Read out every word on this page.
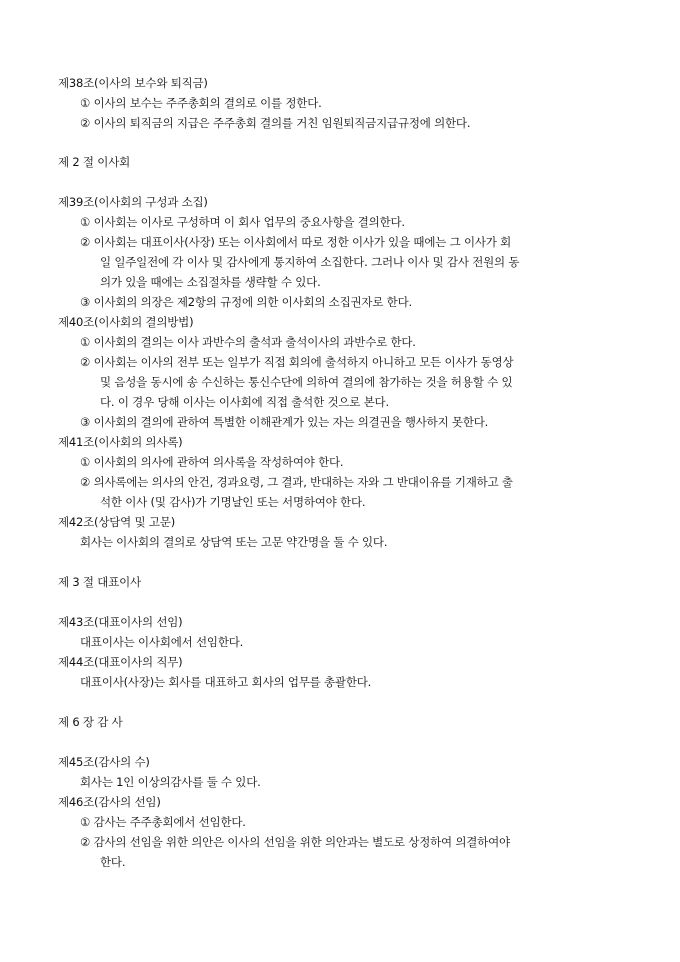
제38조(이사의 보수와 퇴직금)

① 이사의 보수는 주주총회의 결의로 이를 정한다.

② 이사의 퇴직금의 지급은 주주총회 결의를 거친 임원퇴직금지급규정에 의한다.

제 2 절 이사회

제39조(이사회의 구성과 소집)

① 이사회는 이사로 구성하며 이 회사 업무의 중요사항을 결의한다.

② 이사회는 대표이사(사장) 또는 이사회에서 따로 정한 이사가 있을 때에는 그 이사가 회

일 일주일전에 각 이사 및 감사에게 통지하여 소집한다. 그러나 이사 및 감사 전원의 동

의가 있을 때에는 소집절차를 생략할 수 있다.

③ 이사회의 의장은 제2항의 규정에 의한 이사회의 소집권자로 한다.

제40조(이사회의 결의방법)

① 이사회의 결의는 이사 과반수의 출석과 출석이사의 과반수로 한다.

② 이사회는 이사의 전부 또는 일부가 직접 회의에 출석하지 아니하고 모든 이사가 동영상

및 음성을 동시에 송 수신하는 통신수단에 의하여 결의에 참가하는 것을 허용할 수 있

다. 이 경우 당해 이사는 이사회에 직접 출석한 것으로 본다.

③ 이사회의 결의에 관하여 특별한 이해관계가 있는 자는 의결권을 행사하지 못한다.

제41조(이사회의 의사록)

① 이사회의 의사에 관하여 의사록을 작성하여야 한다.

② 의사록에는 의사의 안건, 경과요령, 그 결과, 반대하는 자와 그 반대이유를 기재하고 출

석한 이사 (및 감사)가 기명날인 또는 서명하여야 한다.

제42조(상담역 및 고문)

회사는 이사회의 결의로 상담역 또는 고문 약간명을 둘 수 있다.

제 3 절 대표이사

제43조(대표이사의 선임)

대표이사는 이사회에서 선임한다.

제44조(대표이사의 직무)

대표이사(사장)는 회사를 대표하고 회사의 업무를 총괄한다.

제 6 장 감 사

제45조(감사의 수)

회사는 1인 이상의감사를 둘 수 있다.

제46조(감사의 선임)

① 감사는 주주총회에서 선임한다.

② 감사의 선임을 위한 의안은 이사의 선임을 위한 의안과는 별도로 상정하여 의결하여야

한다.
